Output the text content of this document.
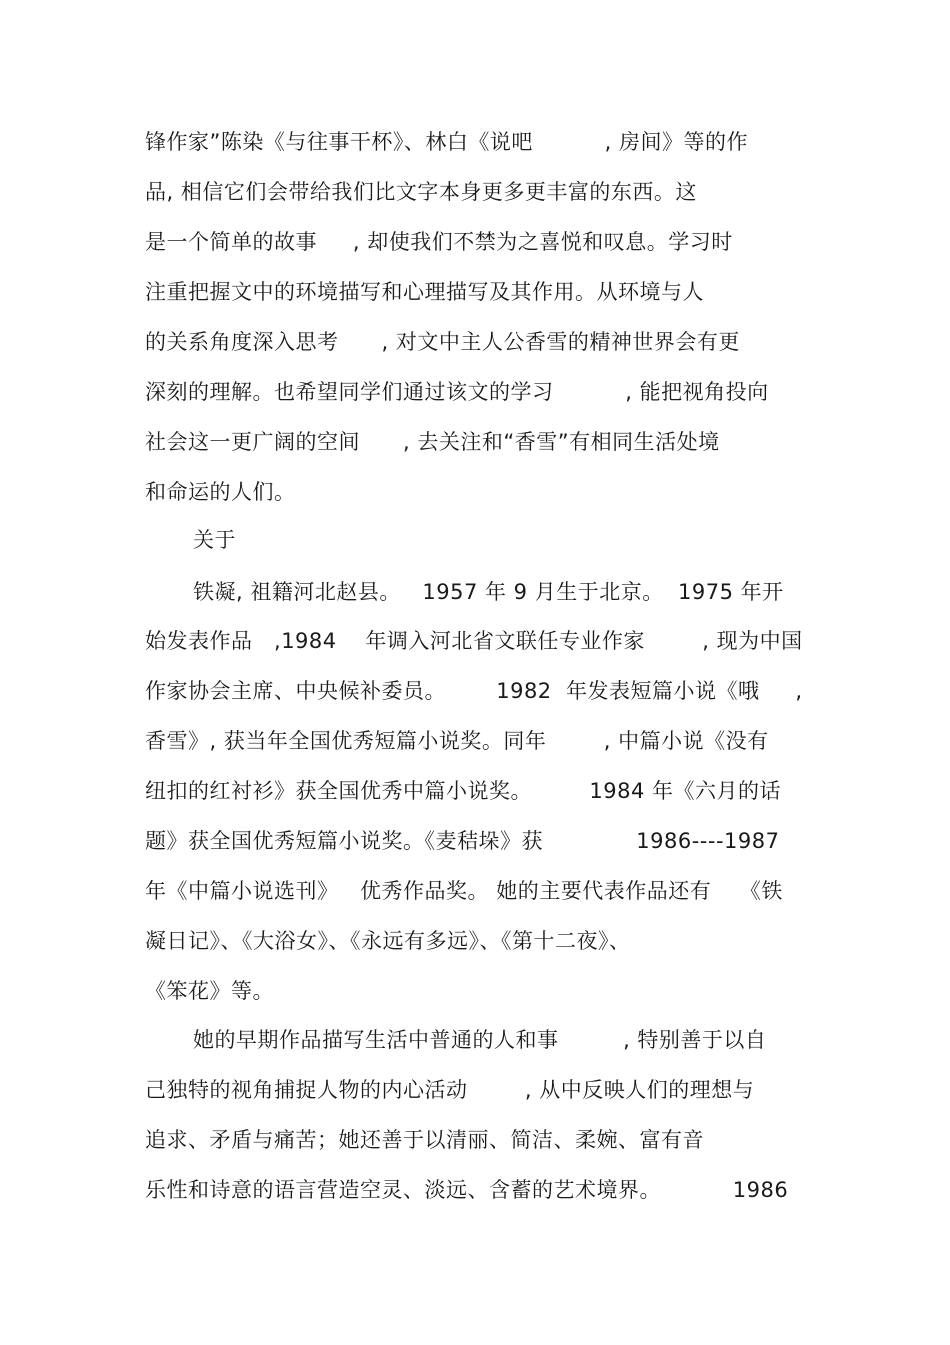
锋作家”陈染《与往事干杯》、林白《说吧          , 房间》等的作
品, 相信它们会带给我们比文字本身更多更丰富的东西。这
是一个简单的故事     , 却使我们不禁为之喜悦和叹息。学习时
注重把握文中的环境描写和心理描写及其作用。从环境与人
的关系角度深入思考      , 对文中主人公香雪的精神世界会有更
深刻的理解。也希望同学们通过该文的学习          , 能把视角投向
社会这一更广阔的空间      , 去关注和“香雪”有相同生活处境
和命运的人们。
关于
铁凝, 祖籍河北赵县。   1957 年 9 月生于北京。  1975 年开
始发表作品   ,1984    年调入河北省文联任专业作家        , 现为中国
作家协会主席、中央候补委员。       1982  年发表短篇小说《哦     ,
香雪》, 获当年全国优秀短篇小说奖。同年        , 中篇小说《没有
纽扣的红衬衫》获全国优秀中篇小说奖。        1984 年《六月的话
题》获全国优秀短篇小说奖。《麦秸垛》获             1986----1987
年《中篇小说选刊》   优秀作品奖。 她的主要代表作品还有    《铁
凝日记》、《大浴女》、《永远有多远》、《第十二夜》、
《笨花》等。
她的早期作品描写生活中普通的人和事         , 特别善于以自
己独特的视角捕捉人物的内心活动        , 从中反映人们的理想与
追求、矛盾与痛苦；她还善于以清丽、简洁、柔婉、富有音
乐性和诗意的语言营造空灵、淡远、含蓄的艺术境界。          1986
